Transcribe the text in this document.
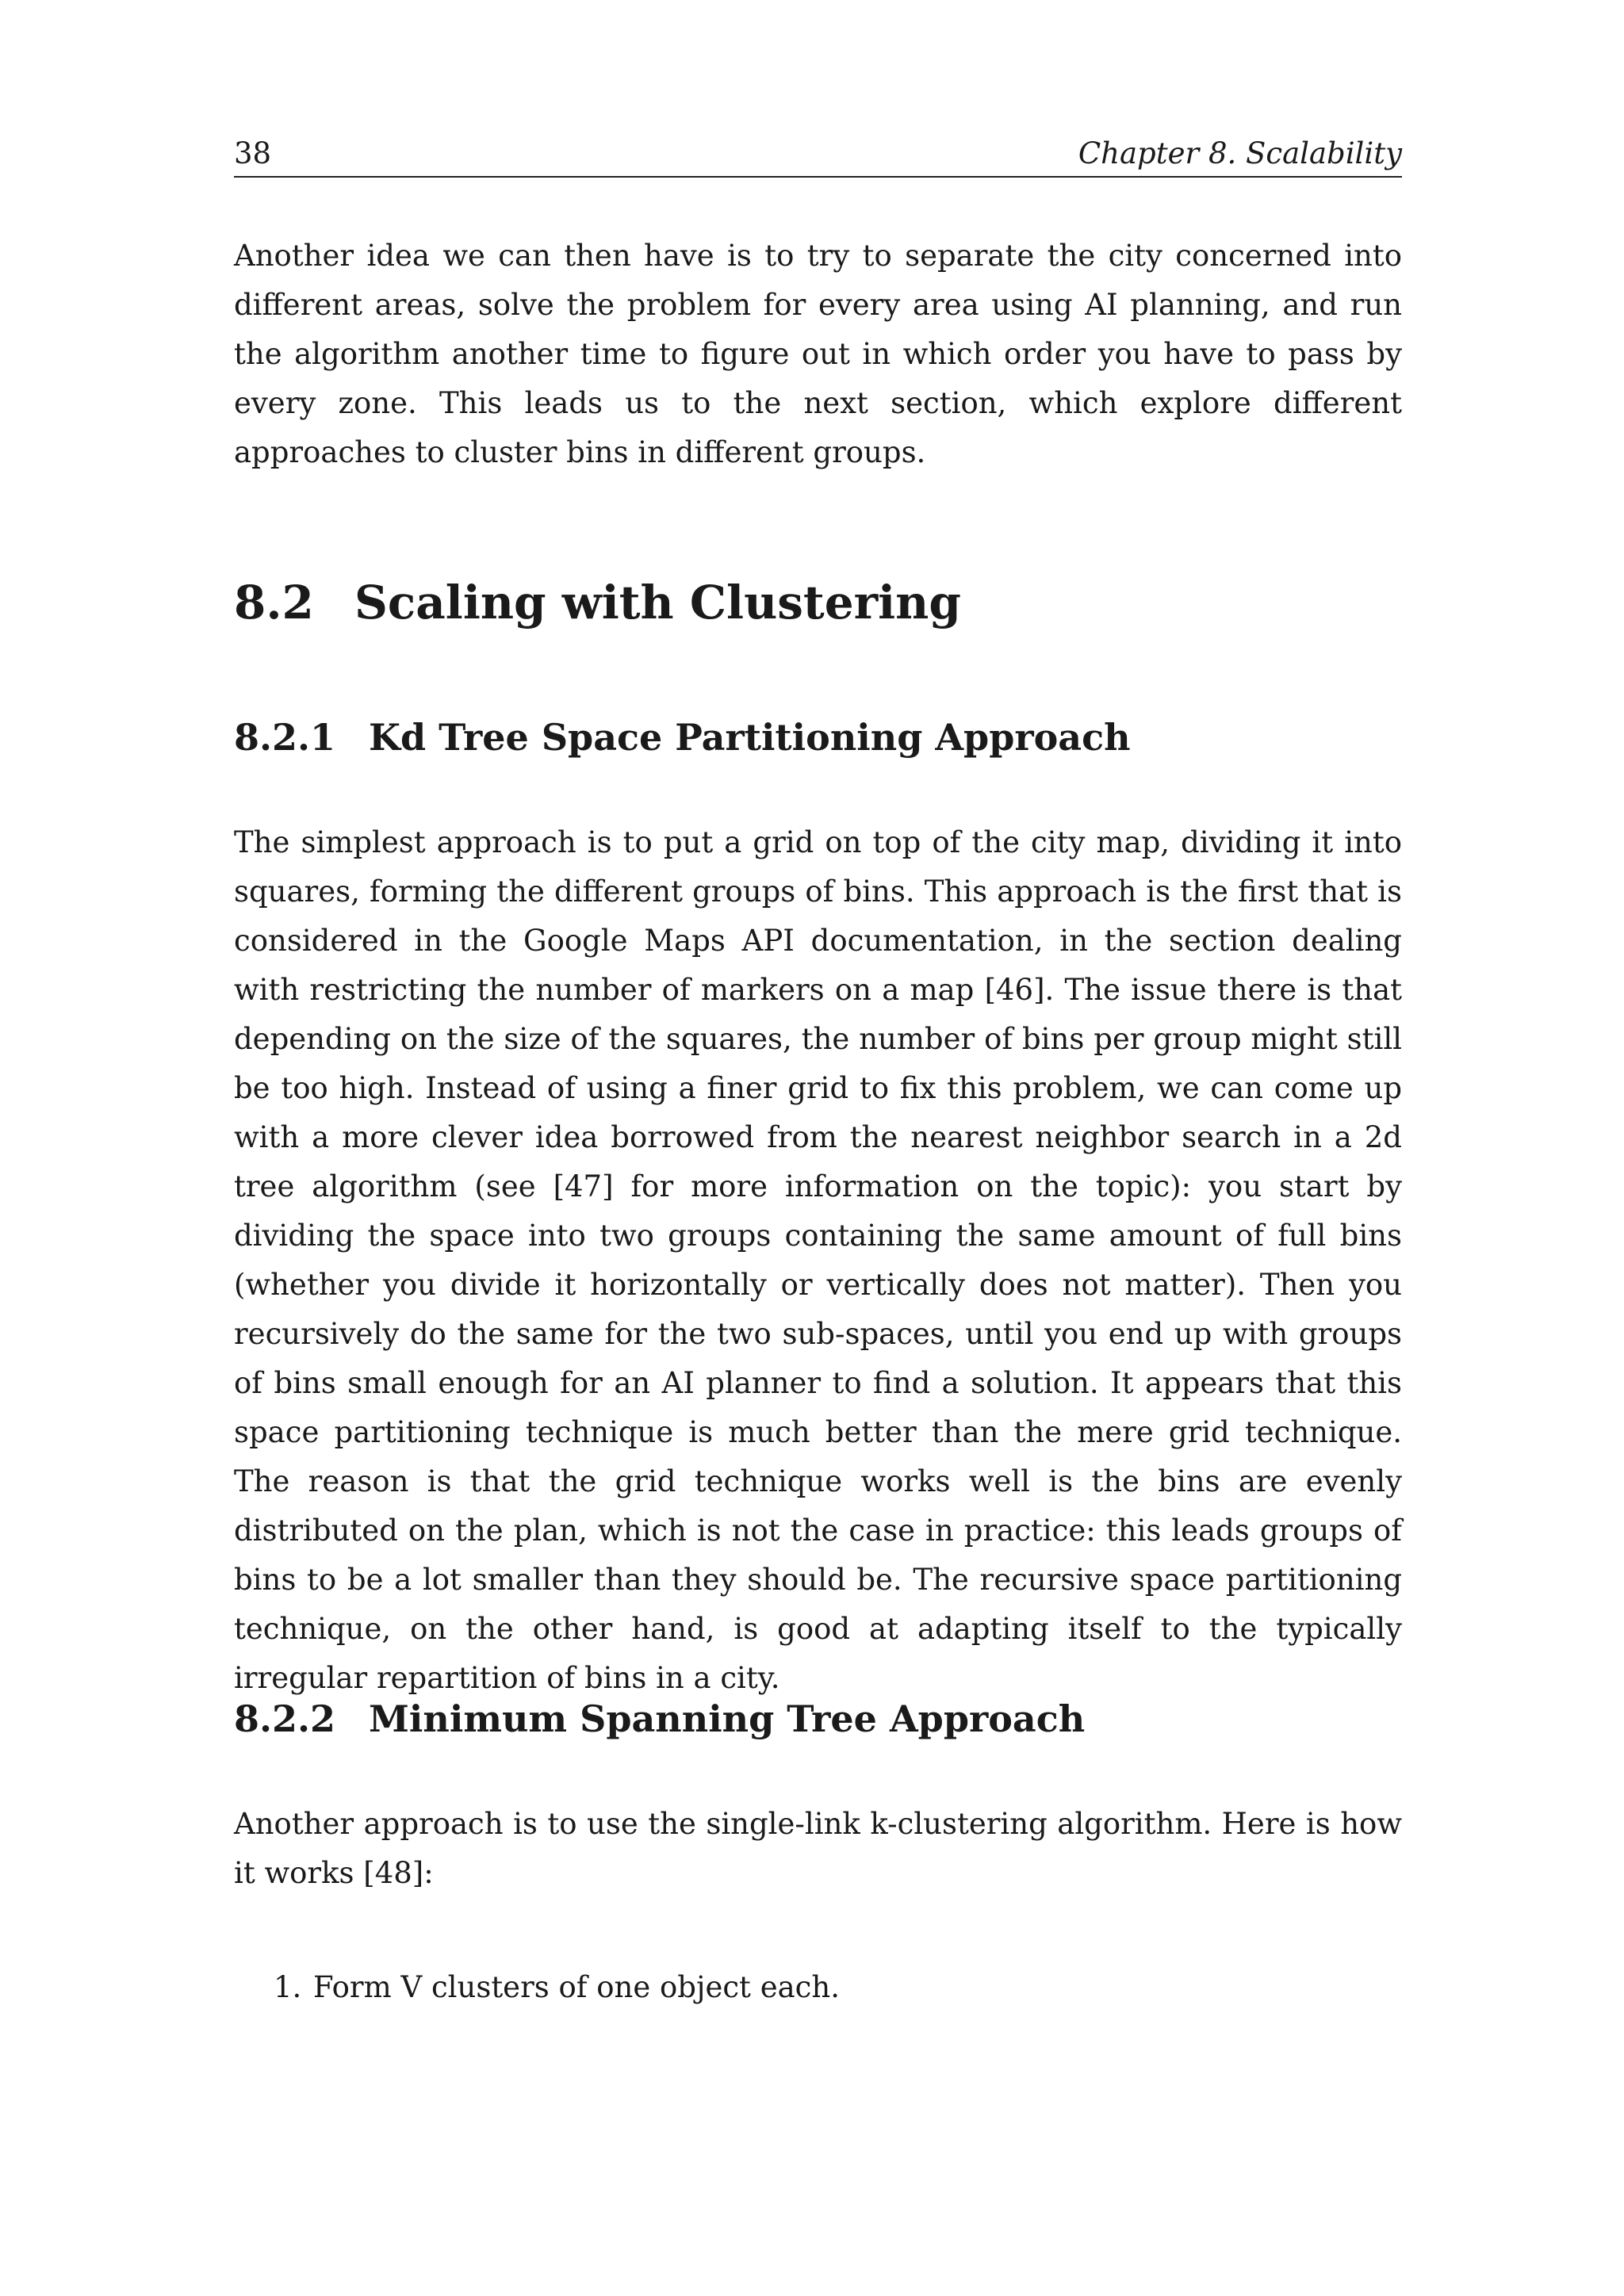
38	Chapter 8. Scalability

Another idea we can then have is to try to separate the city concerned into different areas, solve the problem for every area using AI planning, and run the algorithm another time to figure out in which order you have to pass by every zone. This leads us to the next section, which explore different approaches to cluster bins in different groups.

8.2 Scaling with Clustering
8.2.1 Kd Tree Space Partitioning Approach

The simplest approach is to put a grid on top of the city map, dividing it into squares, forming the different groups of bins. This approach is the first that is considered in the Google Maps API documentation, in the section dealing with restricting the number of markers on a map [46]. The issue there is that depending on the size of the squares, the number of bins per group might still be too high. Instead of using a finer grid to fix this problem, we can come up with a more clever idea borrowed from the nearest neighbor search in a 2d tree algorithm (see [47] for more information on the topic): you start by dividing the space into two groups containing the same amount of full bins (whether you divide it horizontally or vertically does not matter). Then you recursively do the same for the two sub-spaces, until you end up with groups of bins small enough for an AI planner to find a solution. It appears that this space partitioning technique is much better than the mere grid technique. The reason is that the grid technique works well is the bins are evenly distributed on the plan, which is not the case in practice: this leads groups of bins to be a lot smaller than they should be. The recursive space partitioning technique, on the other hand, is good at adapting itself to the typically irregular repartition of bins in a city.

8.2.2 Minimum Spanning Tree Approach

Another approach is to use the single-link k-clustering algorithm. Here is how it works [48]:

1. Form V clusters of one object each.
